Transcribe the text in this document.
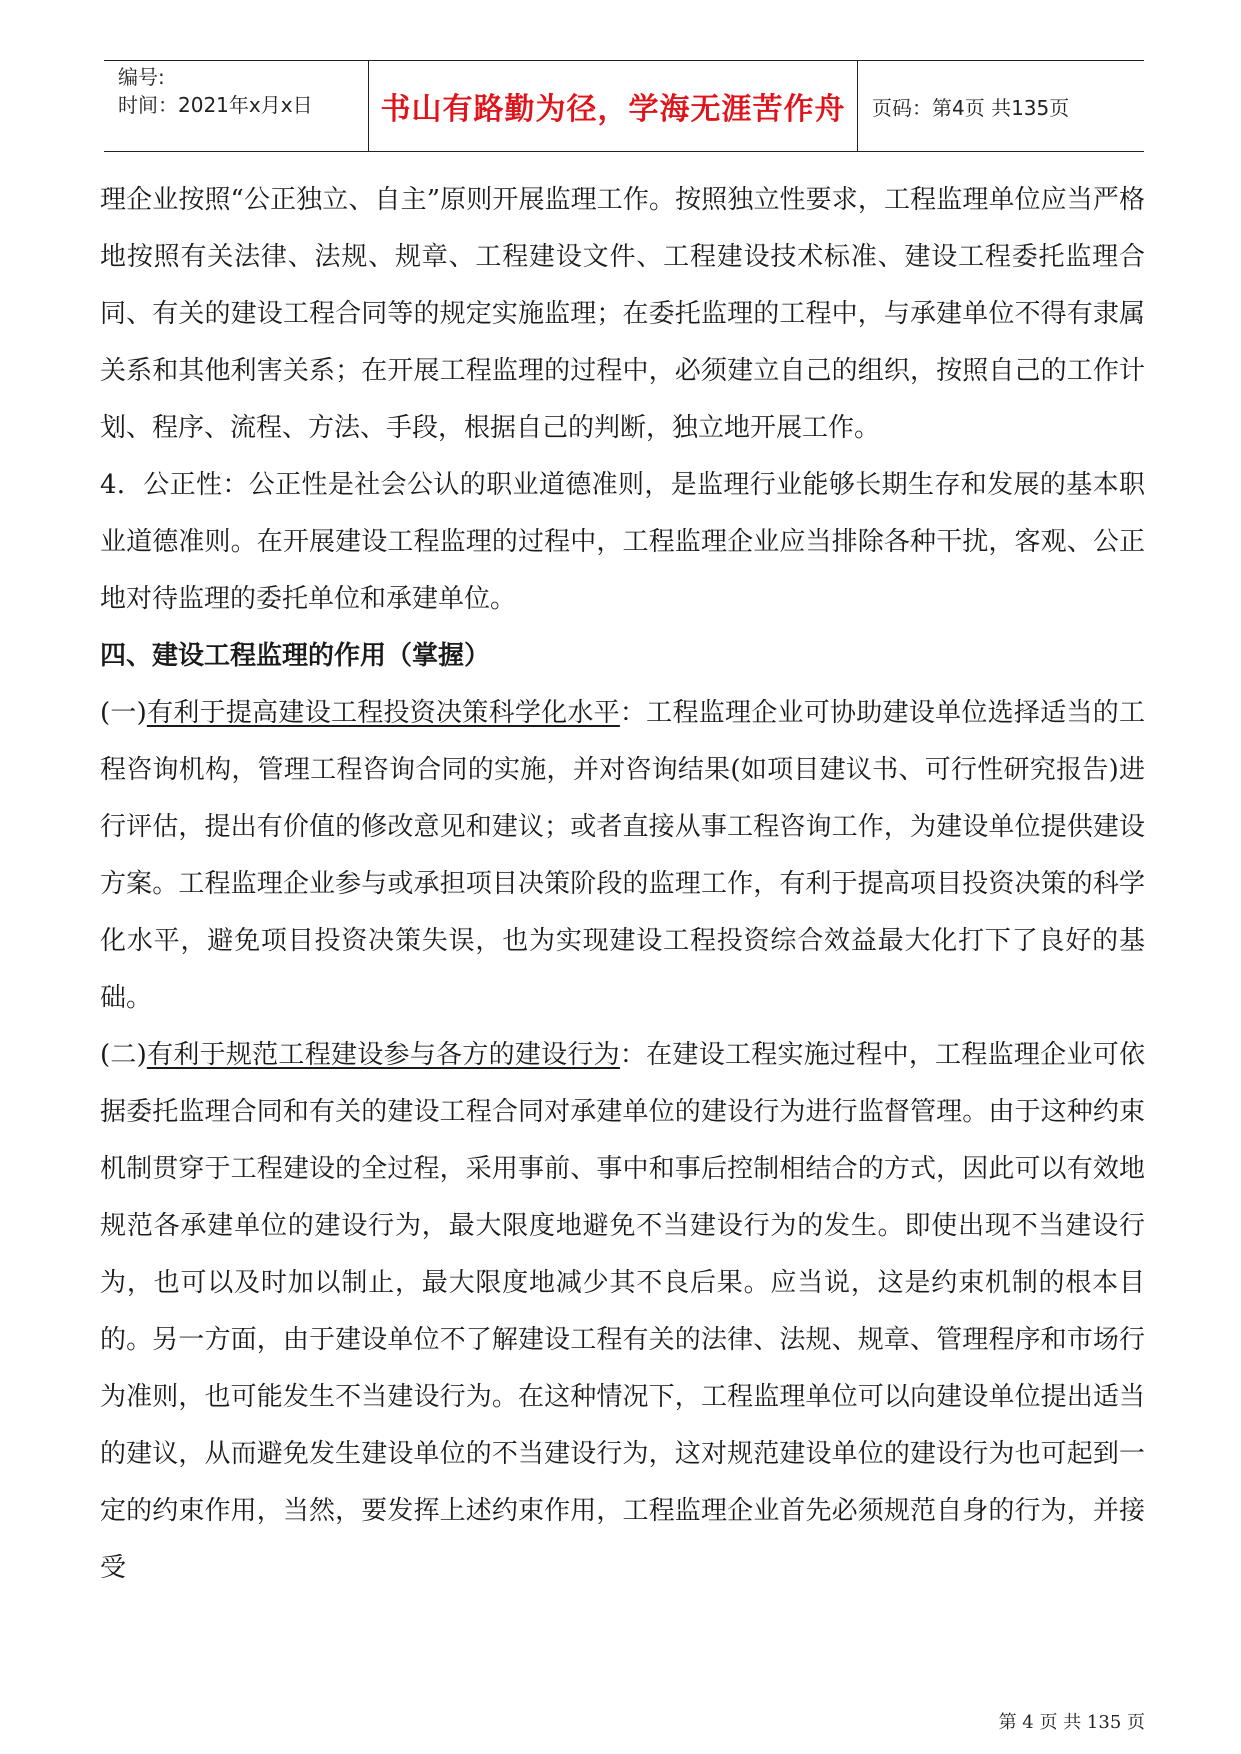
编号:
时间：2021年x月x日	书山有路勤为径，学海无涯苦作舟	页码：第4页 共135页

理企业按照“公正独立、自主”原则开展监理工作。按照独立性要求，工程监理单位应当严格地按照有关法律、法规、规章、工程建设文件、工程建设技术标准、建设工程委托监理合同、有关的建设工程合同等的规定实施监理；在委托监理的工程中，与承建单位不得有隶属关系和其他利害关系；在开展工程监理的过程中，必须建立自己的组织，按照自己的工作计划、程序、流程、方法、手段，根据自己的判断，独立地开展工作。

4．公正性：公正性是社会公认的职业道德准则，是监理行业能够长期生存和发展的基本职业道德准则。在开展建设工程监理的过程中，工程监理企业应当排除各种干扰，客观、公正地对待监理的委托单位和承建单位。

四、建设工程监理的作用（掌握）

(一)有利于提高建设工程投资决策科学化水平：工程监理企业可协助建设单位选择适当的工程咨询机构，管理工程咨询合同的实施，并对咨询结果(如项目建议书、可行性研究报告)进行评估，提出有价值的修改意见和建议；或者直接从事工程咨询工作，为建设单位提供建设方案。工程监理企业参与或承担项目决策阶段的监理工作，有利于提高项目投资决策的科学化水平，避免项目投资决策失误，也为实现建设工程投资综合效益最大化打下了良好的基础。

(二)有利于规范工程建设参与各方的建设行为：在建设工程实施过程中，工程监理企业可依据委托监理合同和有关的建设工程合同对承建单位的建设行为进行监督管理。由于这种约束机制贯穿于工程建设的全过程，采用事前、事中和事后控制相结合的方式，因此可以有效地规范各承建单位的建设行为，最大限度地避免不当建设行为的发生。即使出现不当建设行为，也可以及时加以制止，最大限度地减少其不良后果。应当说，这是约束机制的根本目的。另一方面，由于建设单位不了解建设工程有关的法律、法规、规章、管理程序和市场行为准则，也可能发生不当建设行为。在这种情况下，工程监理单位可以向建设单位提出适当的建议，从而避免发生建设单位的不当建设行为，这对规范建设单位的建设行为也可起到一定的约束作用，当然，要发挥上述约束作用，工程监理企业首先必须规范自身的行为，并接受

第 4 页 共 135 页
